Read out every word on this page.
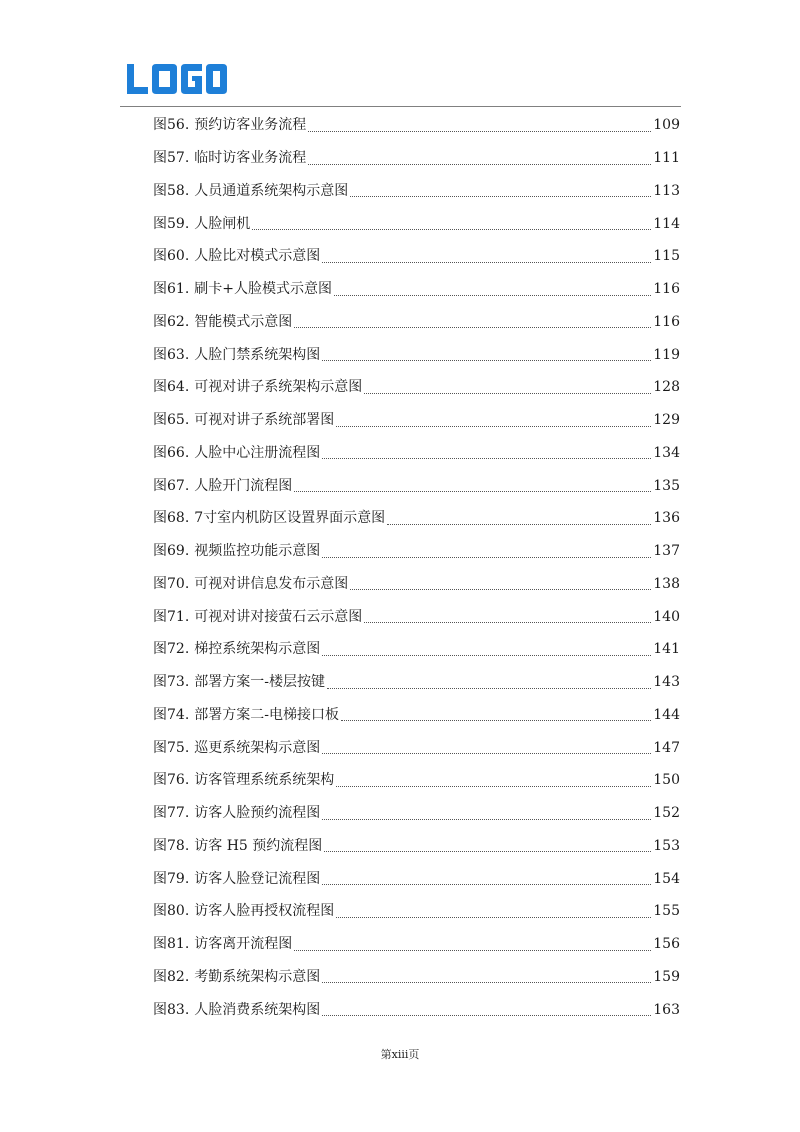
图56. 预约访客业务流程	109
图57. 临时访客业务流程	111
图58. 人员通道系统架构示意图	113
图59. 人脸闸机	114
图60. 人脸比对模式示意图	115
图61. 刷卡+人脸模式示意图	116
图62. 智能模式示意图	116
图63. 人脸门禁系统架构图	119
图64. 可视对讲子系统架构示意图	128
图65. 可视对讲子系统部署图	129
图66. 人脸中心注册流程图	134
图67. 人脸开门流程图	135
图68. 7寸室内机防区设置界面示意图	136
图69. 视频监控功能示意图	137
图70. 可视对讲信息发布示意图	138
图71. 可视对讲对接萤石云示意图	140
图72. 梯控系统架构示意图	141
图73. 部署方案一-楼层按键	143
图74. 部署方案二-电梯接口板	144
图75. 巡更系统架构示意图	147
图76. 访客管理系统系统架构	150
图77. 访客人脸预约流程图	152
图78. 访客 H5 预约流程图	153
图79. 访客人脸登记流程图	154
图80. 访客人脸再授权流程图	155
图81. 访客离开流程图	156
图82. 考勤系统架构示意图	159
图83. 人脸消费系统架构图	163
第xiii页
